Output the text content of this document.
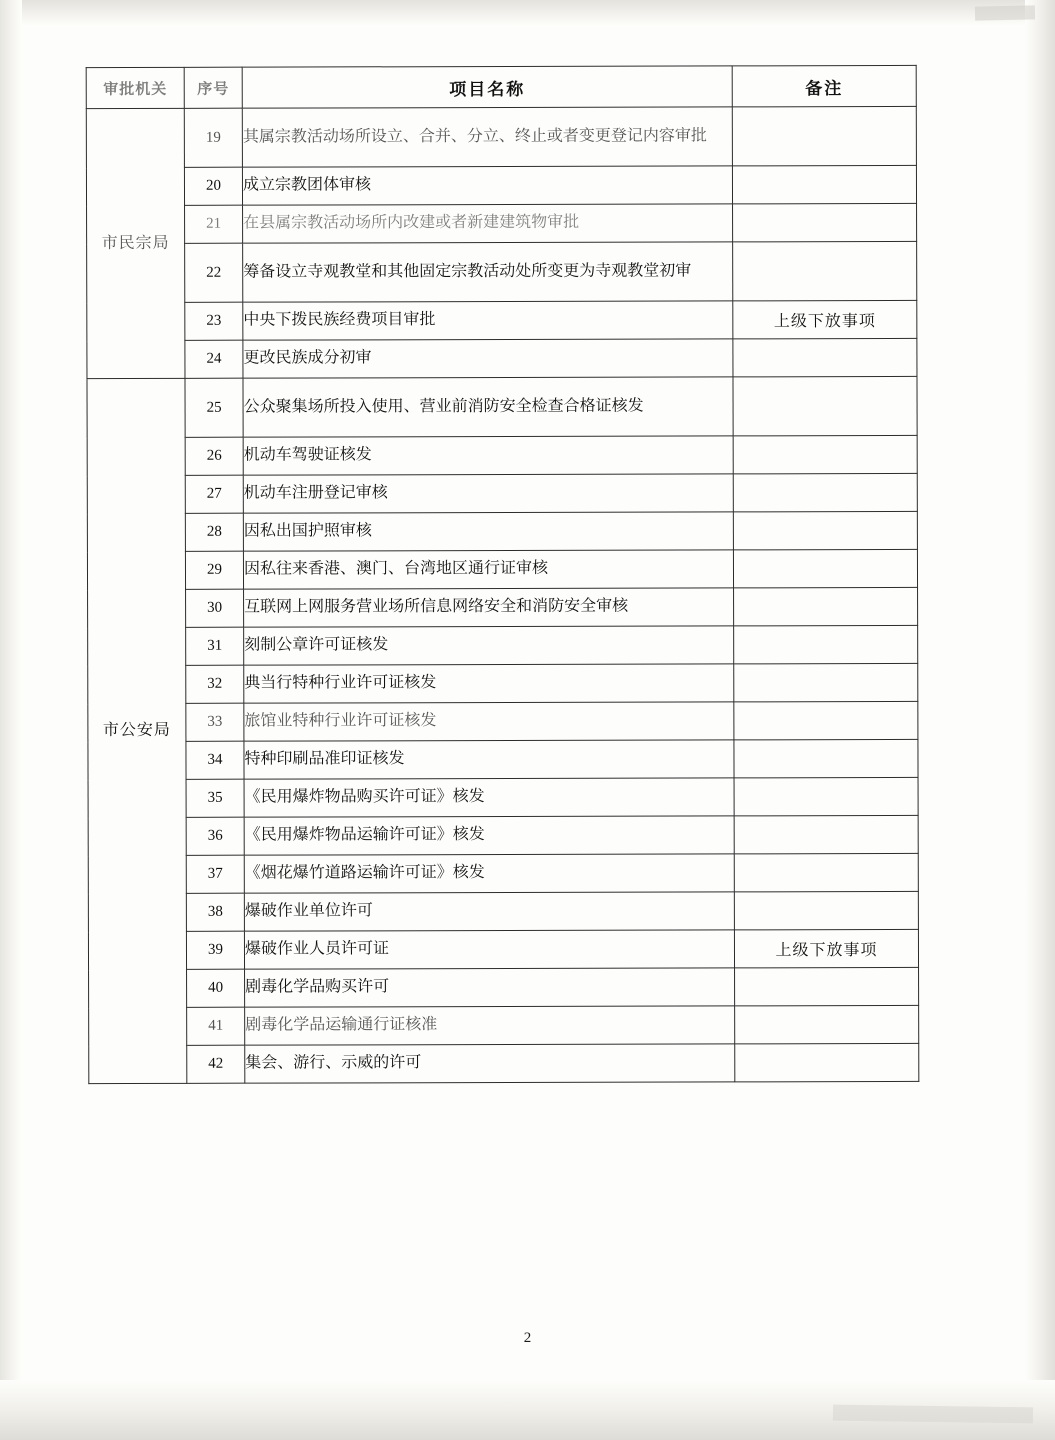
审批机关	序号	项目名称	备注
市民宗局	19	其属宗教活动场所设立、合并、分立、终止或者变更登记内容审批	
	20	成立宗教团体审核	
	21	在县属宗教活动场所内改建或者新建建筑物审批	
	22	筹备设立寺观教堂和其他固定宗教活动处所变更为寺观教堂初审	
	23	中央下拨民族经费项目审批	上级下放事项
	24	更改民族成分初审	
市公安局	25	公众聚集场所投入使用、营业前消防安全检查合格证核发	
	26	机动车驾驶证核发	
	27	机动车注册登记审核	
	28	因私出国护照审核	
	29	因私往来香港、澳门、台湾地区通行证审核	
	30	互联网上网服务营业场所信息网络安全和消防安全审核	
	31	刻制公章许可证核发	
	32	典当行特种行业许可证核发	
	33	旅馆业特种行业许可证核发	
	34	特种印刷品准印证核发	
	35	《民用爆炸物品购买许可证》核发	
	36	《民用爆炸物品运输许可证》核发	
	37	《烟花爆竹道路运输许可证》核发	
	38	爆破作业单位许可	
	39	爆破作业人员许可证	上级下放事项
	40	剧毒化学品购买许可	
	41	剧毒化学品运输通行证核准	
	42	集会、游行、示威的许可	
2
